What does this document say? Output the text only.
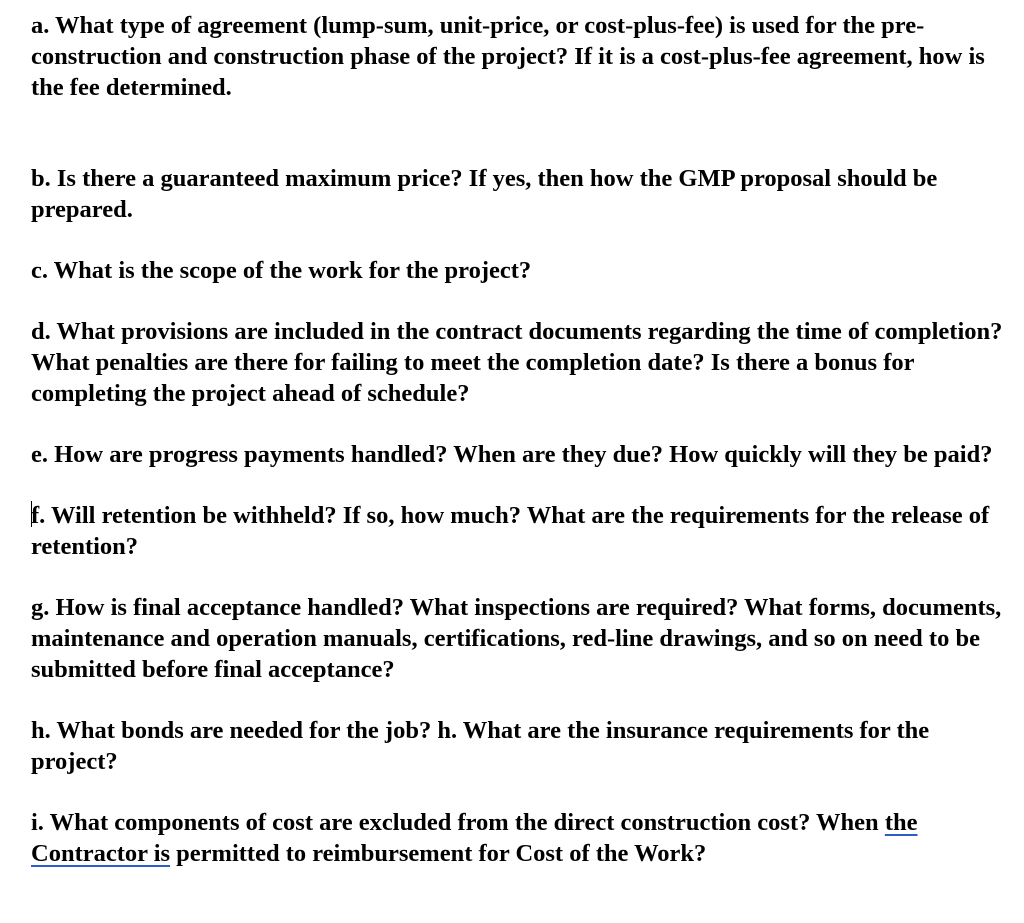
a. What type of agreement (lump-sum, unit-price, or cost-plus-fee) is used for the pre-construction and construction phase of the project? If it is a cost-plus-fee agreement, how is the fee determined.

b. Is there a guaranteed maximum price? If yes, then how the GMP proposal should be prepared.

c. What is the scope of the work for the project?

d. What provisions are included in the contract documents regarding the time of completion? What penalties are there for failing to meet the completion date? Is there a bonus for completing the project ahead of schedule?

e. How are progress payments handled? When are they due? How quickly will they be paid?

f. Will retention be withheld? If so, how much? What are the requirements for the release of retention?

g. How is final acceptance handled? What inspections are required? What forms, documents, maintenance and operation manuals, certifications, red-line drawings, and so on need to be submitted before final acceptance?

h. What bonds are needed for the job? h. What are the insurance requirements for the project?

i. What components of cost are excluded from the direct construction cost? When the Contractor is permitted to reimbursement for Cost of the Work?
